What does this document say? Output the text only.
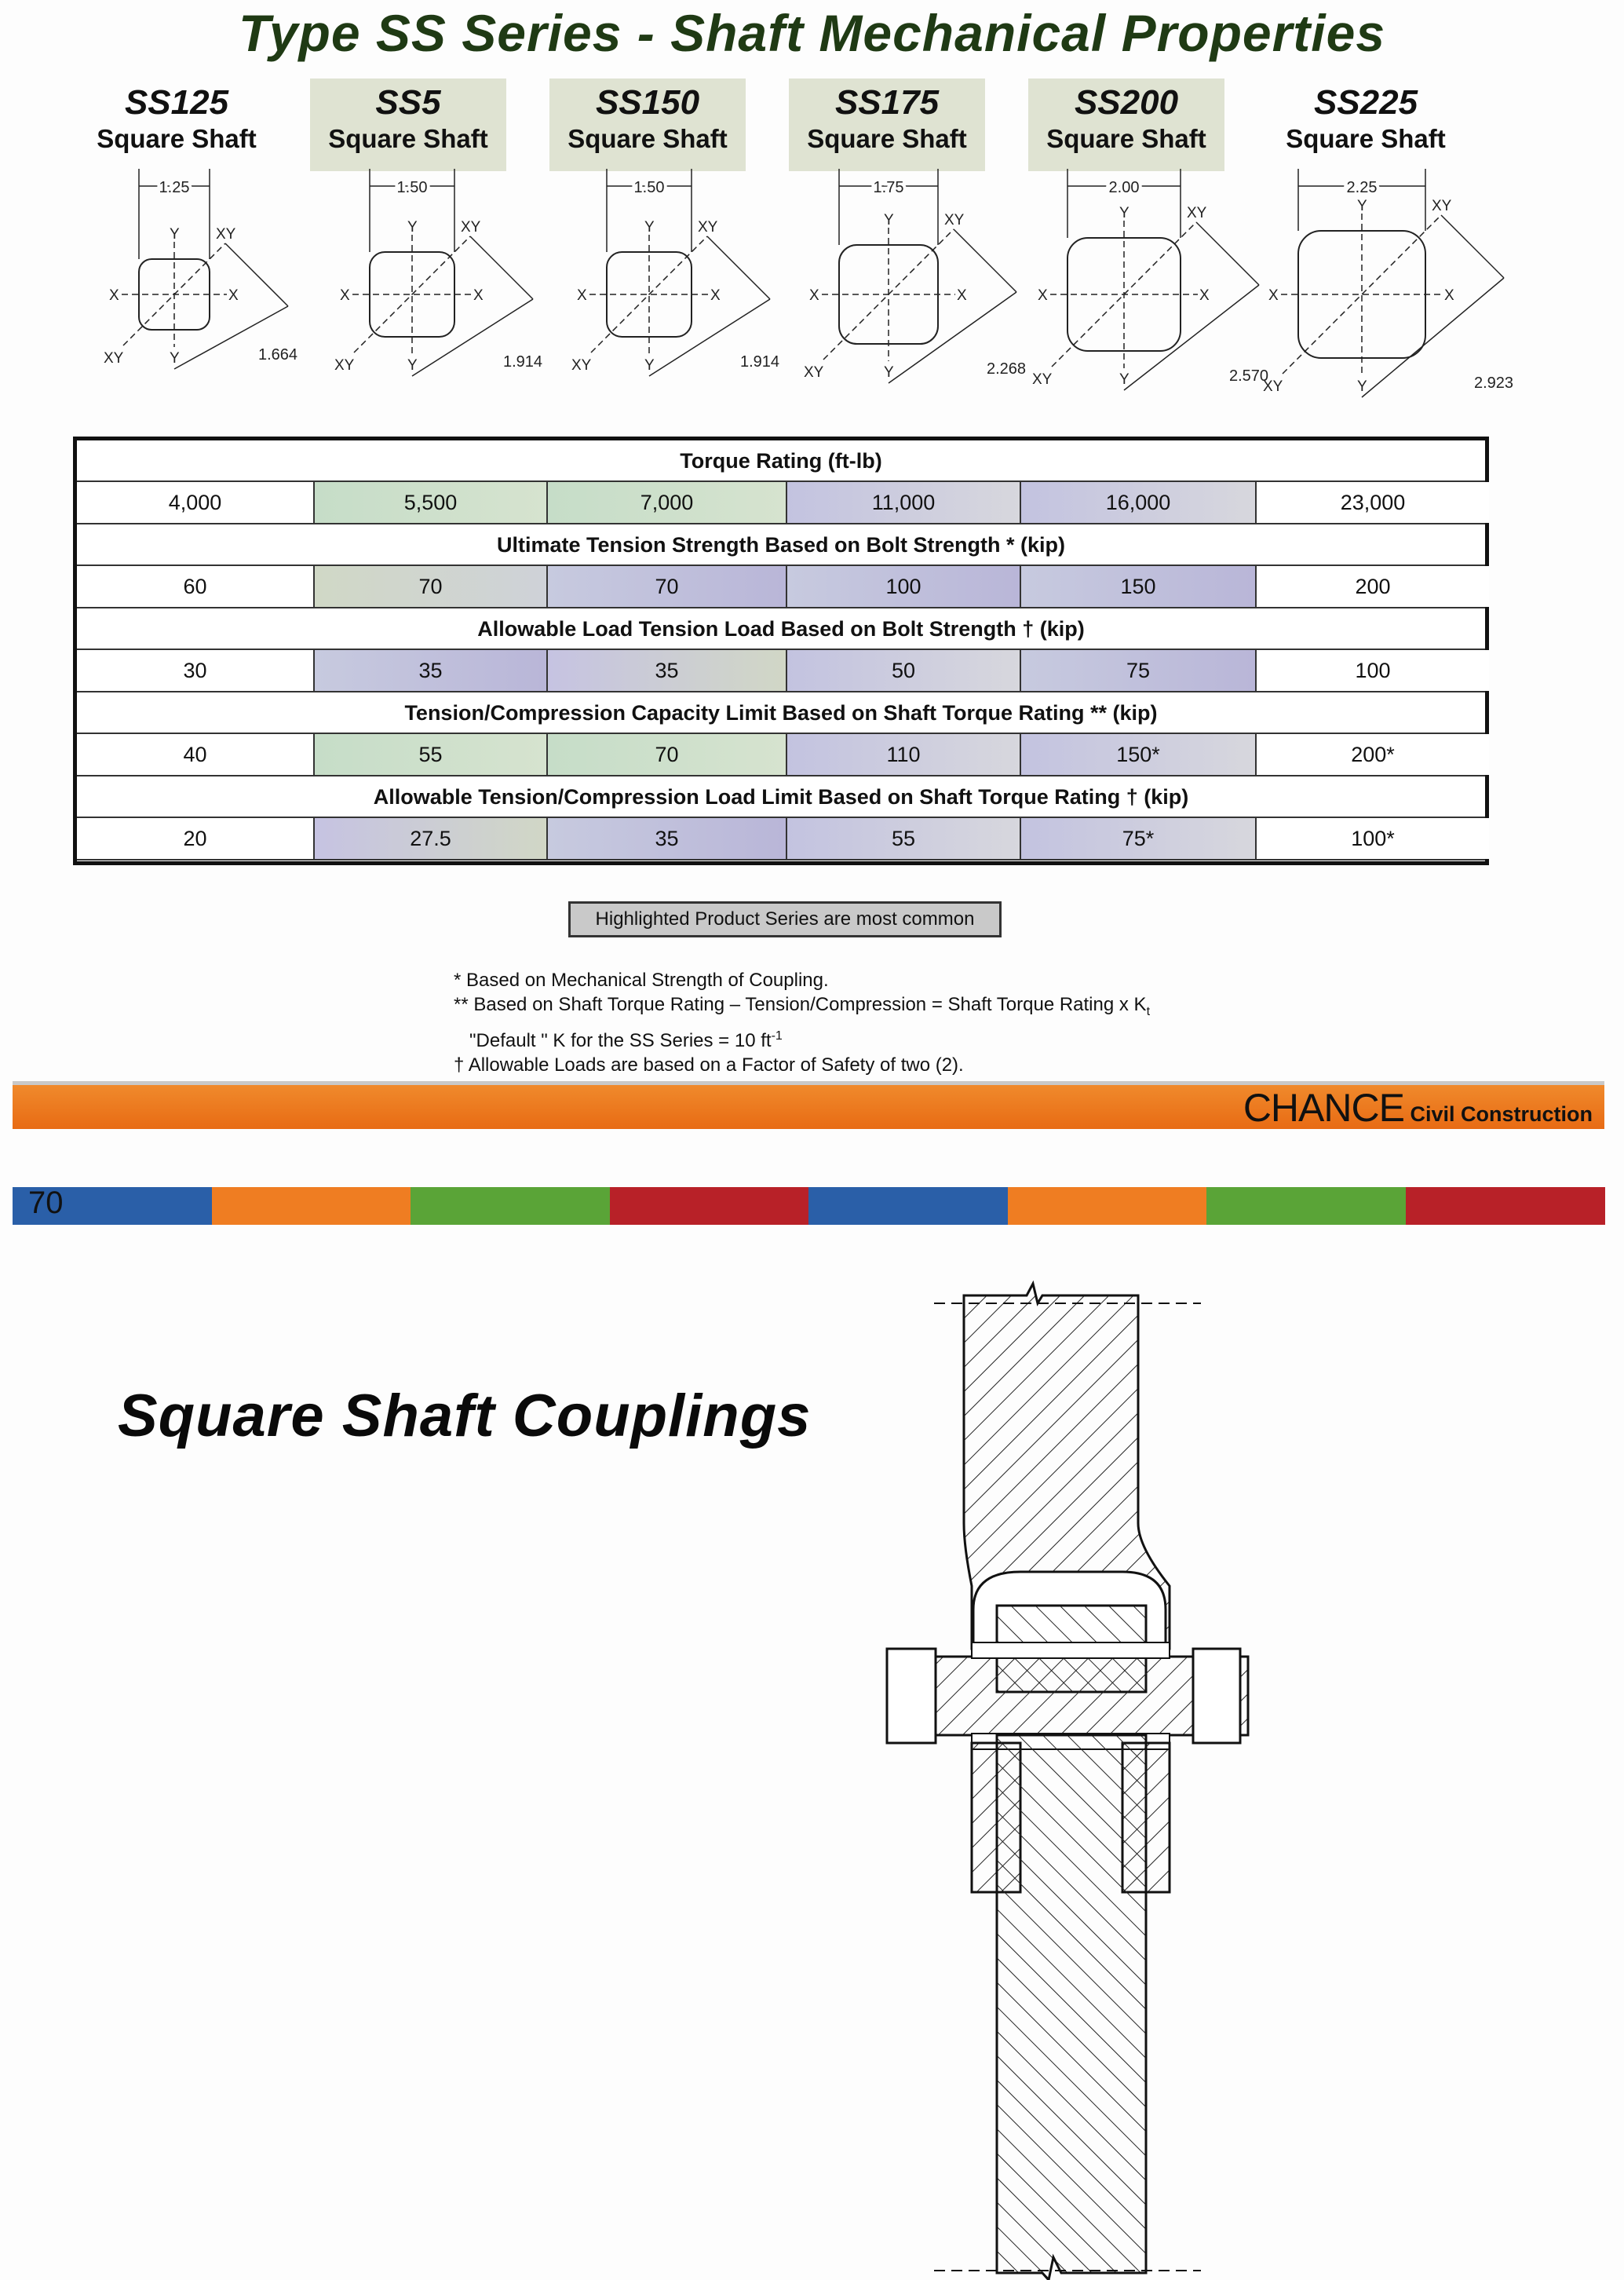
Type SS Series - Shaft Mechanical Properties
SS125
Square Shaft
SS5
Square Shaft
SS150
Square Shaft
SS175
Square Shaft
SS200
Square Shaft
SS225
Square Shaft
1.25
1.664
X	X
Y
Y
XY
XY
1.50
1.914
X	X
Y
Y
XY
XY
1.50
1.914
X	X
Y
Y
XY
XY
1.75
2.268
X	X
Y
Y
XY
XY
2.00
2.570
X	X
Y
Y
XY
XY
2.25
2.923
X	X
Y
Y
XY
XY
Torque Rating (ft-lb)
4,000	5,500	7,000	11,000	16,000	23,000
Ultimate Tension Strength Based on Bolt Strength * (kip)
60	70	70	100	150	200
Allowable Load Tension Load Based on Bolt Strength † (kip)
30	35	35	50	75	100
Tension/Compression Capacity Limit Based on Shaft Torque Rating ** (kip)
40	55	70	110	150*	200*
Allowable Tension/Compression Load Limit Based on Shaft Torque Rating † (kip)
20	27.5	35	55	75*	100*
Highlighted Product Series are most common
* Based on Mechanical Strength of Coupling.
** Based on Shaft Torque Rating – Tension/Compression = Shaft Torque Rating x $K_t$
"Default " K for the SS Series = 10 $ft^{-1}$
† Allowable Loads are based on a Factor of Safety of two (2).
CHANCE Civil Construction
70
Square Shaft Couplings
